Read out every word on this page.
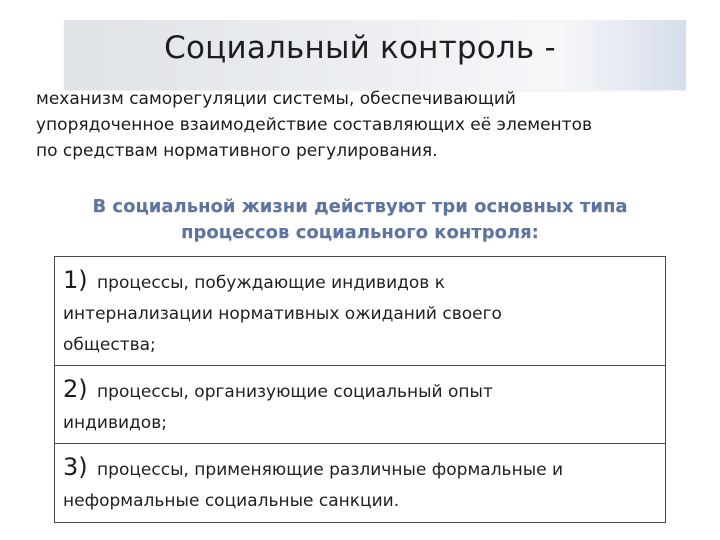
Социальный контроль -
механизм саморегуляции системы, обеспечивающий
упорядоченное взаимодействие составляющих её элементов
по средствам нормативного регулирования.
В социальной жизни действуют три основных типа
процессов социального контроля:
1) процессы, побуждающие индивидов к
интернализации нормативных ожиданий своего
общества;
2) процессы, организующие социальный опыт
индивидов;
3) процессы, применяющие различные формальные и
неформальные социальные санкции.
